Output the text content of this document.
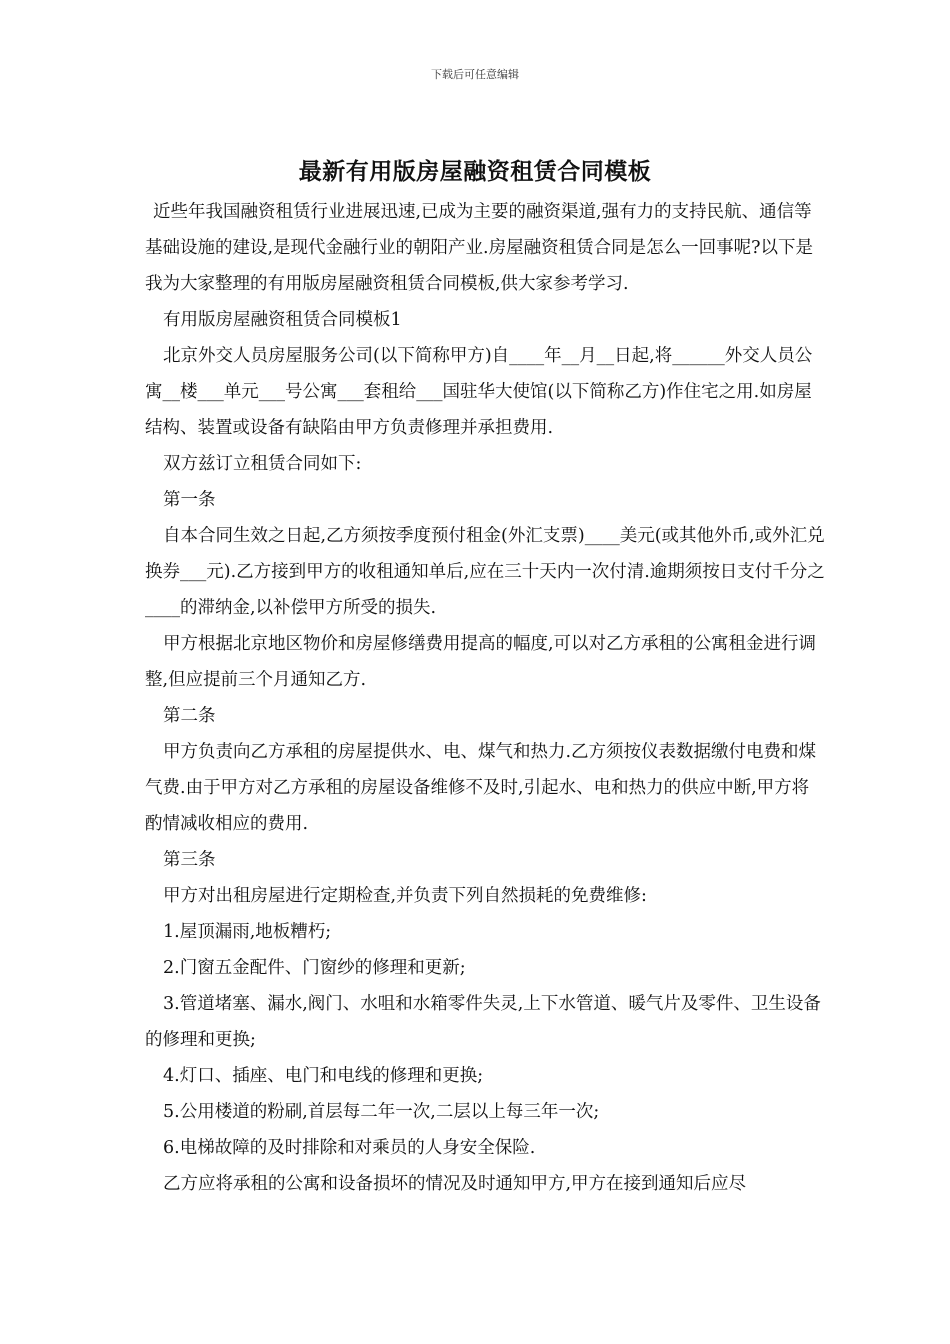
下载后可任意编辑
最新有用版房屋融资租赁合同模板

近些年我国融资租赁行业进展迅速,已成为主要的融资渠道,强有力的支持民航、通信等基础设施的建设,是现代金融行业的朝阳产业.房屋融资租赁合同是怎么一回事呢?以下是我为大家整理的有用版房屋融资租赁合同模板,供大家参考学习.

有用版房屋融资租赁合同模板1

北京外交人员房屋服务公司(以下简称甲方)自____年__月__日起,将______外交人员公寓__楼___单元___号公寓___套租给___国驻华大使馆(以下简称乙方)作住宅之用.如房屋结构、装置或设备有缺陷由甲方负责修理并承担费用.

双方兹订立租赁合同如下:

第一条

自本合同生效之日起,乙方须按季度预付租金(外汇支票)____美元(或其他外币,或外汇兑换券___元).乙方接到甲方的收租通知单后,应在三十天内一次付清.逾期须按日支付千分之____的滞纳金,以补偿甲方所受的损失.

甲方根据北京地区物价和房屋修缮费用提高的幅度,可以对乙方承租的公寓租金进行调整,但应提前三个月通知乙方.

第二条

甲方负责向乙方承租的房屋提供水、电、煤气和热力.乙方须按仪表数据缴付电费和煤气费.由于甲方对乙方承租的房屋设备维修不及时,引起水、电和热力的供应中断,甲方将酌情减收相应的费用.

第三条

甲方对出租房屋进行定期检查,并负责下列自然损耗的免费维修:

1.屋顶漏雨,地板糟朽;

2.门窗五金配件、门窗纱的修理和更新;

3.管道堵塞、漏水,阀门、水咀和水箱零件失灵,上下水管道、暖气片及零件、卫生设备的修理和更换;

4.灯口、插座、电门和电线的修理和更换;

5.公用楼道的粉刷,首层每二年一次,二层以上每三年一次;

6.电梯故障的及时排除和对乘员的人身安全保险.

乙方应将承租的公寓和设备损坏的情况及时通知甲方,甲方在接到通知后应尽
